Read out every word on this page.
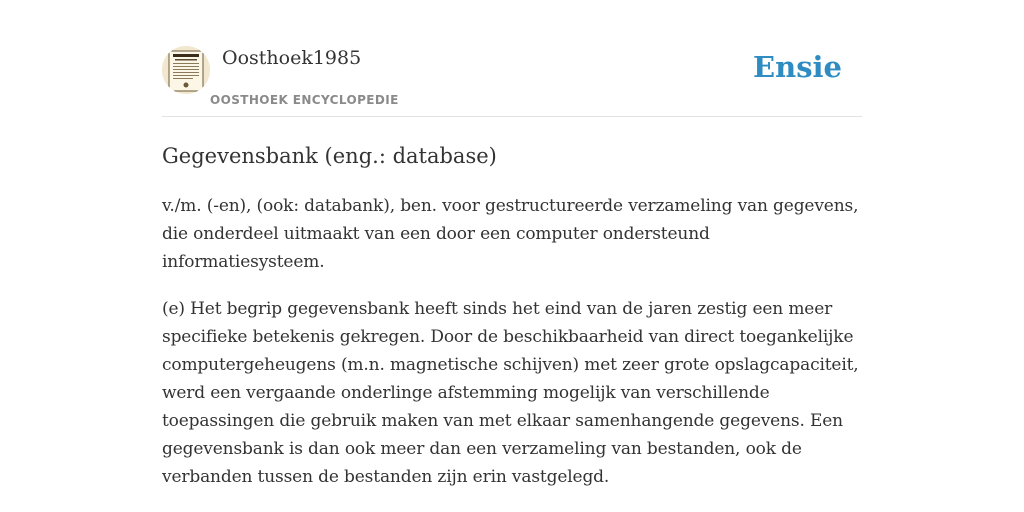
Oosthoek1985
OOSTHOEK ENCYCLOPEDIE
Ensie
Gegevensbank (eng.: database)

v./m. (-en), (ook: databank), ben. voor gestructureerde verzameling van gegevens, die onderdeel uitmaakt van een door een computer ondersteund informatiesysteem.

(e) Het begrip gegevensbank heeft sinds het eind van de jaren zestig een meer specifieke betekenis gekregen. Door de beschikbaarheid van direct toegankelijke computergeheugens (m.n. magnetische schijven) met zeer grote opslagcapaciteit, werd een vergaande onderlinge afstemming mogelijk van verschillende toepassingen die gebruik maken van met elkaar samenhangende gegevens. Een gegevensbank is dan ook meer dan een verzameling van bestanden, ook de verbanden tussen de bestanden zijn erin vastgelegd.
